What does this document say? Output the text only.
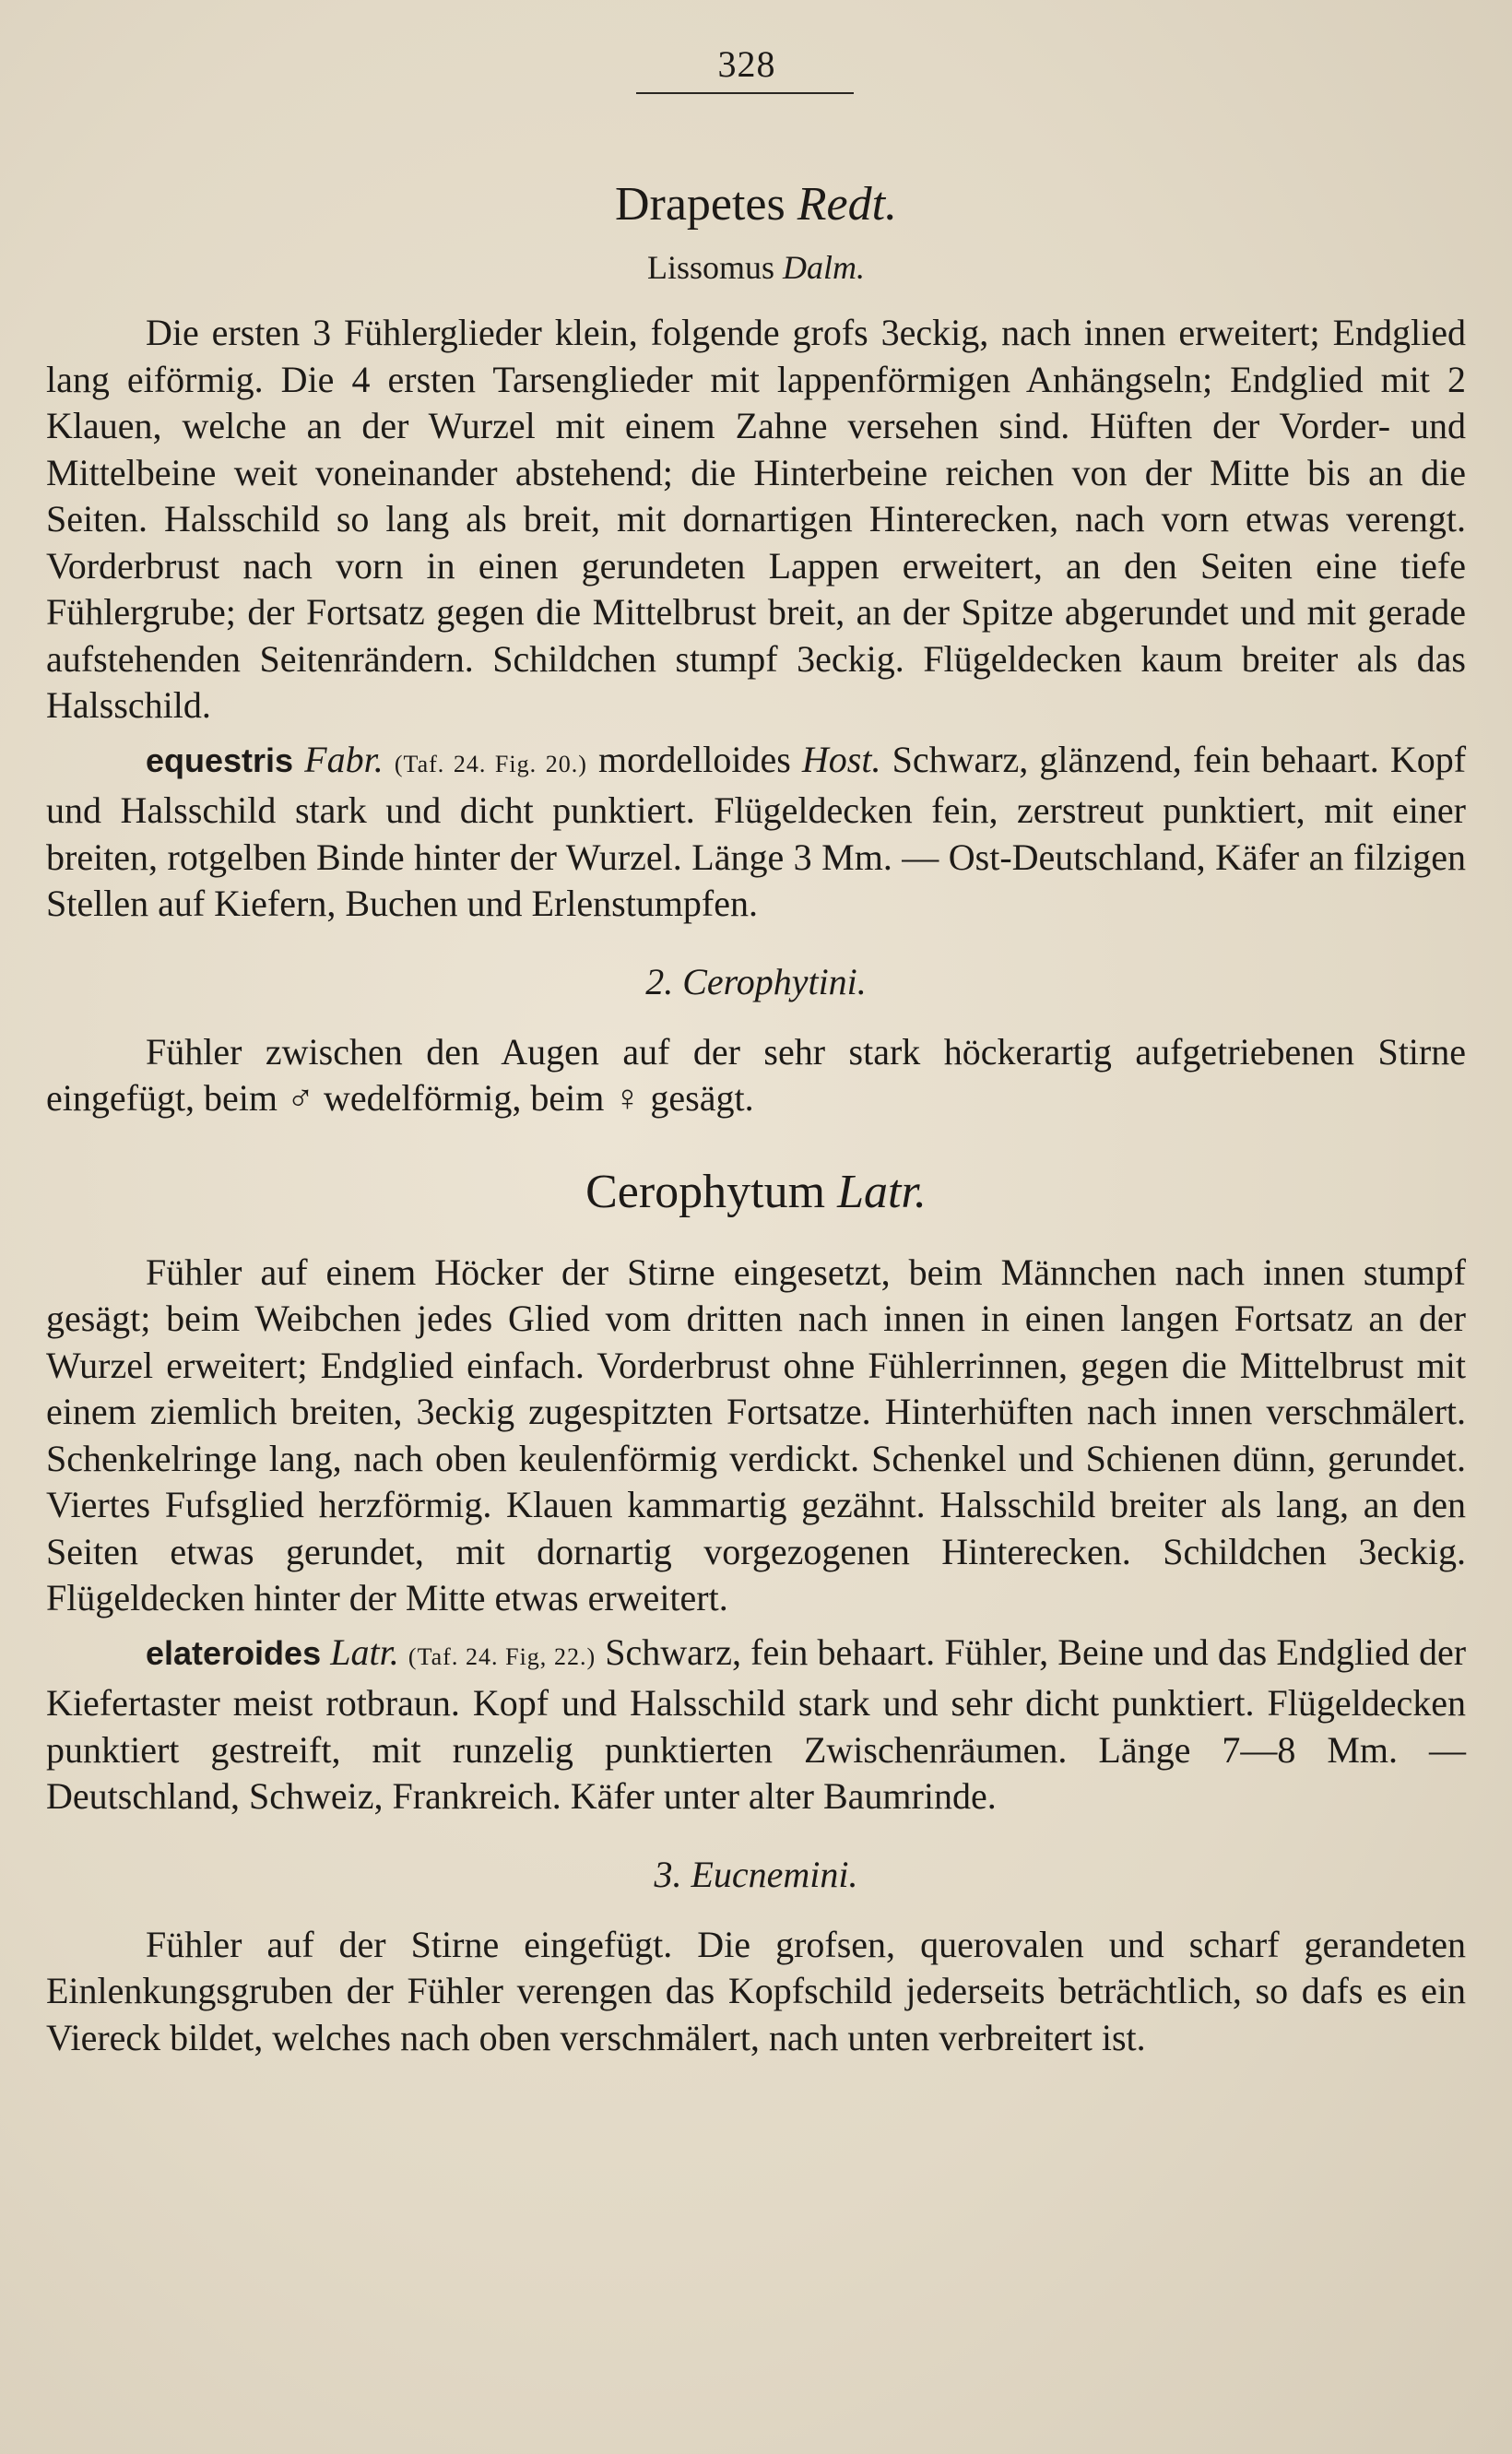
328
Drapetes Redt.
Lissomus Dalm.

Die ersten 3 Fühlerglieder klein, folgende grofs 3eckig, nach innen erweitert; Endglied lang eiförmig. Die 4 ersten Tarsenglieder mit lappenförmigen Anhängseln; Endglied mit 2 Klauen, welche an der Wurzel mit einem Zahne versehen sind. Hüften der Vorder- und Mittelbeine weit voneinander abstehend; die Hinterbeine reichen von der Mitte bis an die Seiten. Halsschild so lang als breit, mit dornartigen Hinterecken, nach vorn etwas verengt. Vorderbrust nach vorn in einen gerundeten Lappen erweitert, an den Seiten eine tiefe Fühlergrube; der Fortsatz gegen die Mittelbrust breit, an der Spitze abgerundet und mit gerade aufstehenden Seitenrändern. Schildchen stumpf 3eckig. Flügeldecken kaum breiter als das Halsschild.

equestris Fabr. (Taf. 24. Fig. 20.) mordelloides Host. Schwarz, glänzend, fein behaart. Kopf und Halsschild stark und dicht punktiert. Flügeldecken fein, zerstreut punktiert, mit einer breiten, rotgelben Binde hinter der Wurzel. Länge 3 Mm. — Ost-Deutschland, Käfer an filzigen Stellen auf Kiefern, Buchen und Erlenstumpfen.

2. Cerophytini.

Fühler zwischen den Augen auf der sehr stark höckerartig aufgetriebenen Stirne eingefügt, beim ♂ wedelförmig, beim ♀ gesägt.

Cerophytum Latr.

Fühler auf einem Höcker der Stirne eingesetzt, beim Männchen nach innen stumpf gesägt; beim Weibchen jedes Glied vom dritten nach innen in einen langen Fortsatz an der Wurzel erweitert; Endglied einfach. Vorderbrust ohne Fühlerrinnen, gegen die Mittelbrust mit einem ziemlich breiten, 3eckig zugespitzten Fortsatze. Hinterhüften nach innen verschmälert. Schenkelringe lang, nach oben keulenförmig verdickt. Schenkel und Schienen dünn, gerundet. Viertes Fufsglied herzförmig. Klauen kammartig gezähnt. Halsschild breiter als lang, an den Seiten etwas gerundet, mit dornartig vorgezogenen Hinterecken. Schildchen 3eckig. Flügeldecken hinter der Mitte etwas erweitert.

elateroides Latr. (Taf. 24. Fig, 22.) Schwarz, fein behaart. Fühler, Beine und das Endglied der Kiefertaster meist rotbraun. Kopf und Halsschild stark und sehr dicht punktiert. Flügeldecken punktiert gestreift, mit runzelig punktierten Zwischenräumen. Länge 7—8 Mm. — Deutschland, Schweiz, Frankreich. Käfer unter alter Baumrinde.

3. Eucnemini.

Fühler auf der Stirne eingefügt. Die grofsen, querovalen und scharf gerandeten Einlenkungsgruben der Fühler verengen das Kopfschild jederseits beträchtlich, so dafs es ein Viereck bildet, welches nach oben verschmälert, nach unten verbreitert ist.
